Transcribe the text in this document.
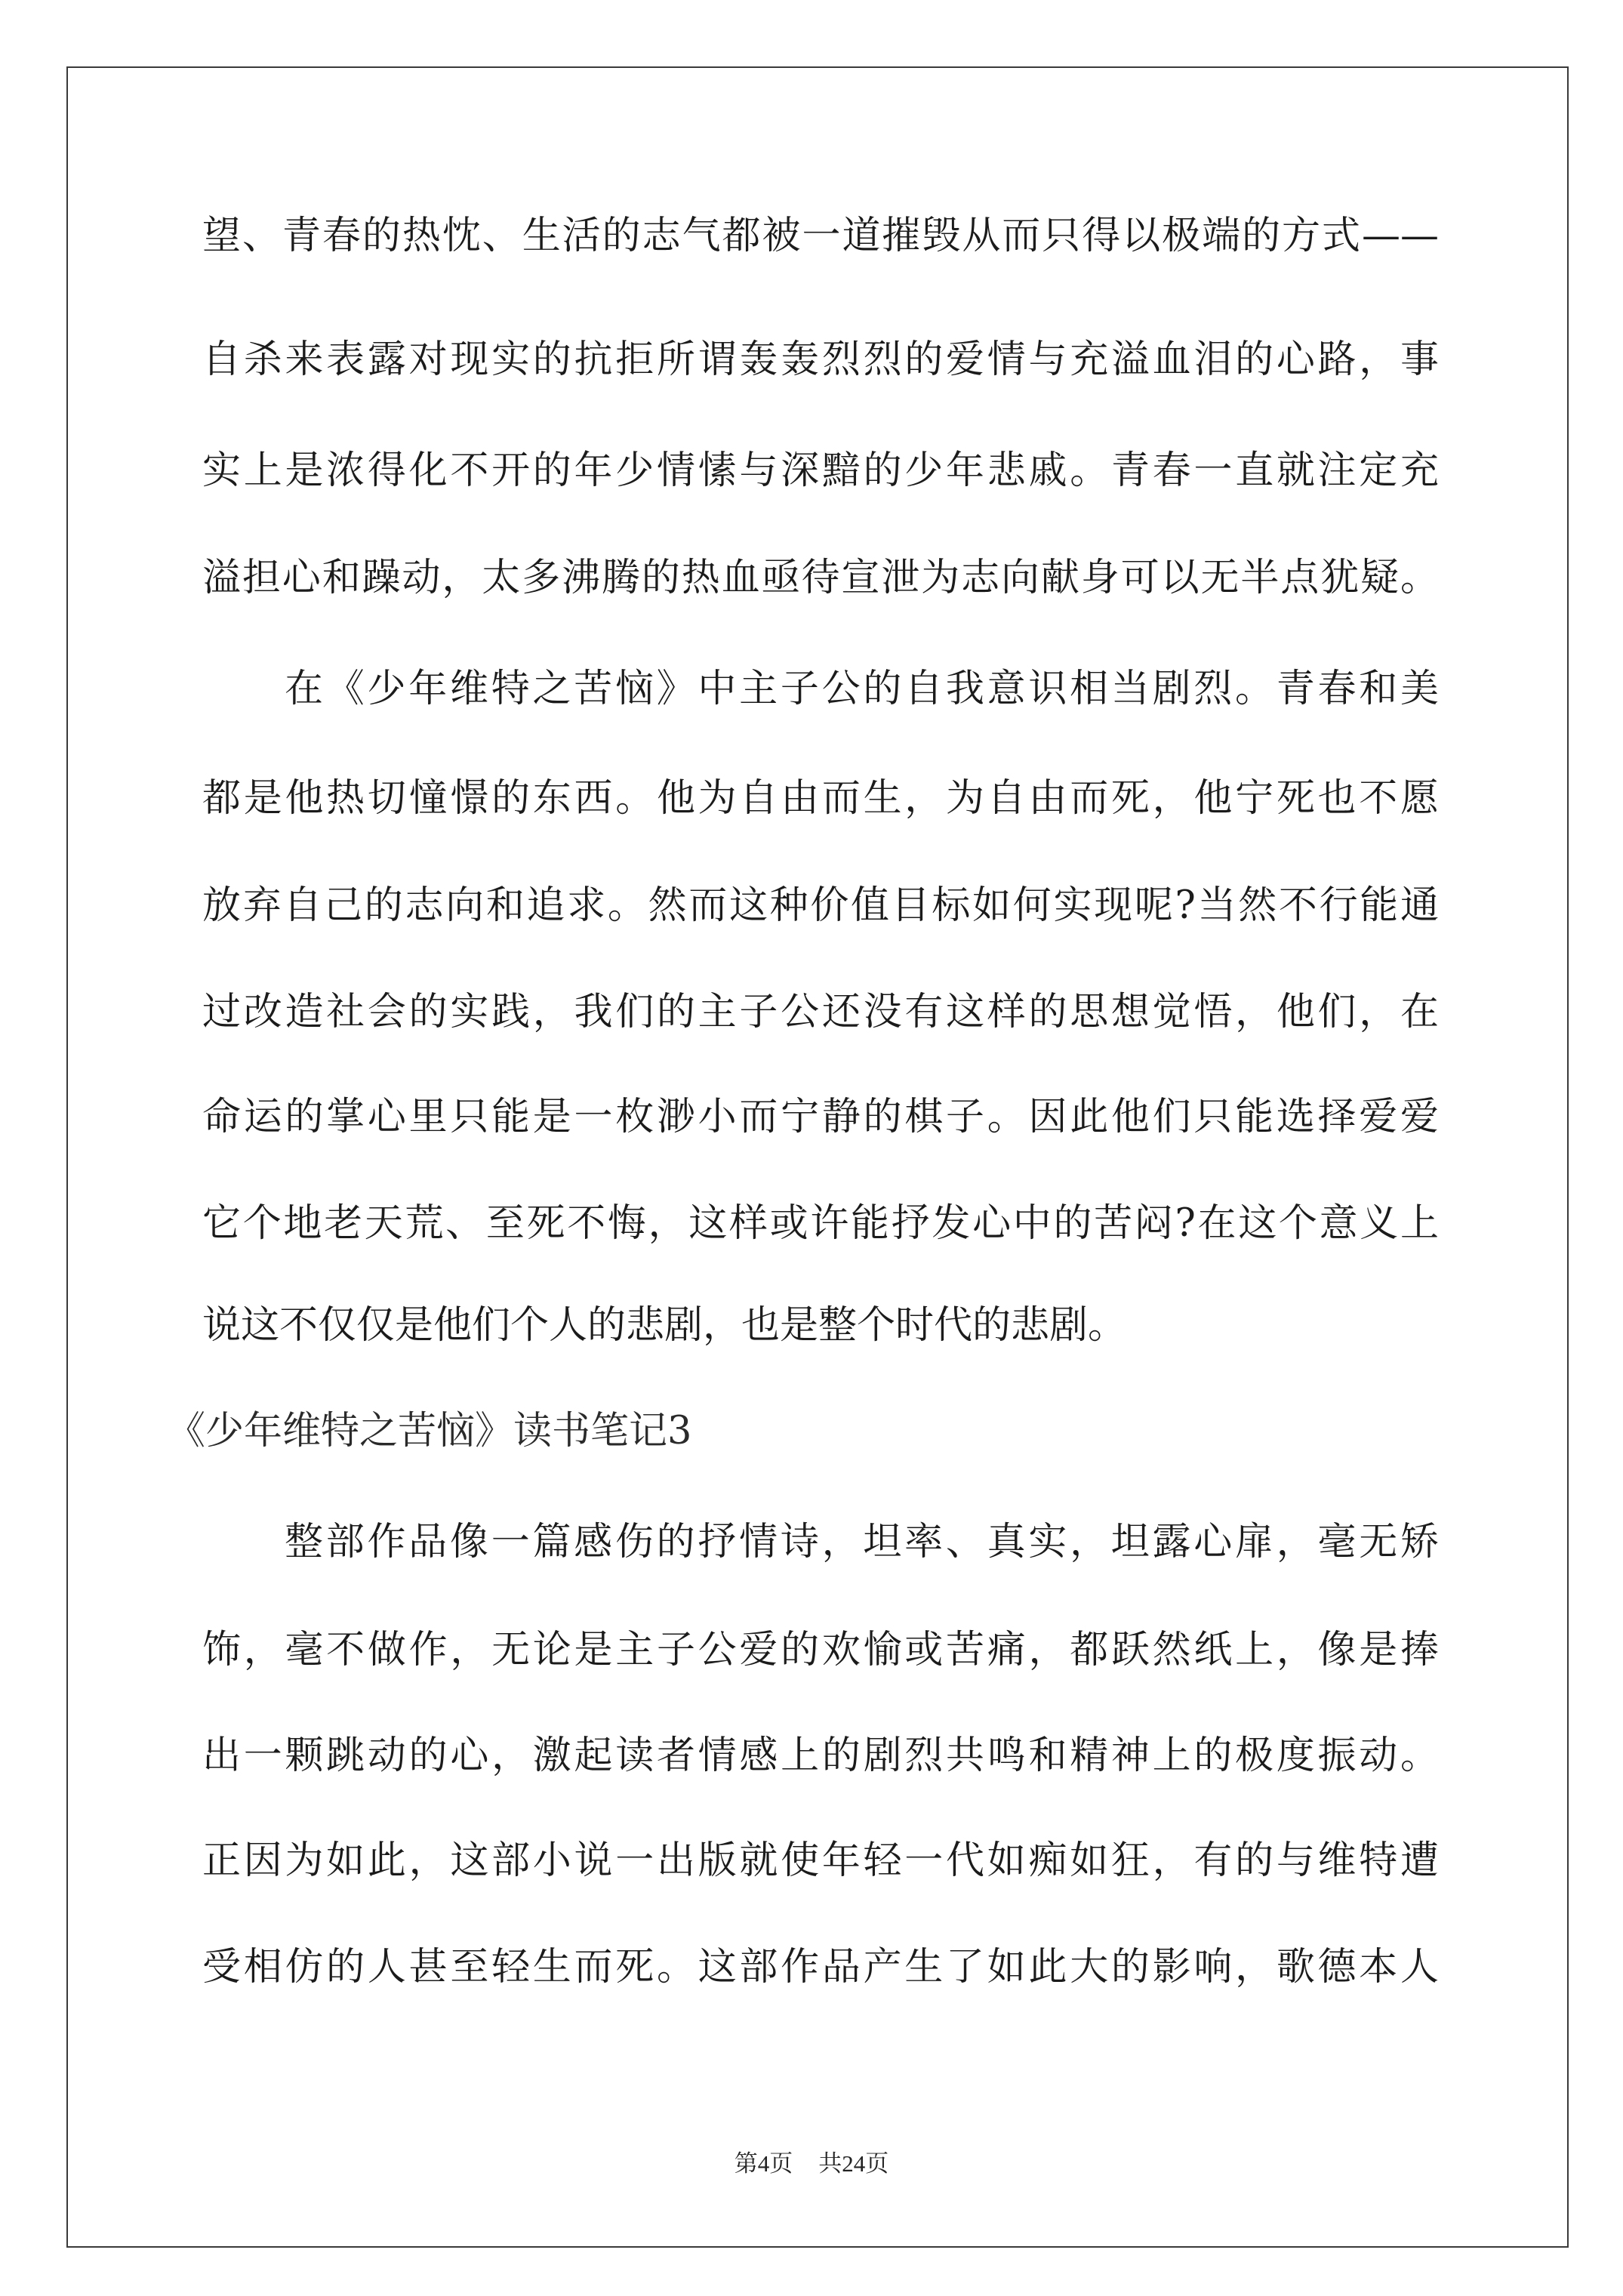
望、青春的热忱、生活的志气都被一道摧毁从而只得以极端的方式——
自杀来表露对现实的抗拒所谓轰轰烈烈的爱情与充溢血泪的心路，事
实上是浓得化不开的年少情愫与深黯的少年悲戚。青春一直就注定充
溢担心和躁动，太多沸腾的热血亟待宣泄为志向献身可以无半点犹疑。
在《少年维特之苦恼》中主子公的自我意识相当剧烈。青春和美
都是他热切憧憬的东西。他为自由而生，为自由而死，他宁死也不愿
放弃自己的志向和追求。然而这种价值目标如何实现呢?当然不行能通
过改造社会的实践，我们的主子公还没有这样的思想觉悟，他们，在
命运的掌心里只能是一枚渺小而宁静的棋子。因此他们只能选择爱爱
它个地老天荒、至死不悔，这样或许能抒发心中的苦闷?在这个意义上
说这不仅仅是他们个人的悲剧，也是整个时代的悲剧。
《少年维特之苦恼》读书笔记3
整部作品像一篇感伤的抒情诗，坦率、真实，坦露心扉，毫无矫
饰，毫不做作，无论是主子公爱的欢愉或苦痛，都跃然纸上，像是捧
出一颗跳动的心，激起读者情感上的剧烈共鸣和精神上的极度振动。
正因为如此，这部小说一出版就使年轻一代如痴如狂，有的与维特遭
受相仿的人甚至轻生而死。这部作品产生了如此大的影响，歌德本人
第4页 共24页
